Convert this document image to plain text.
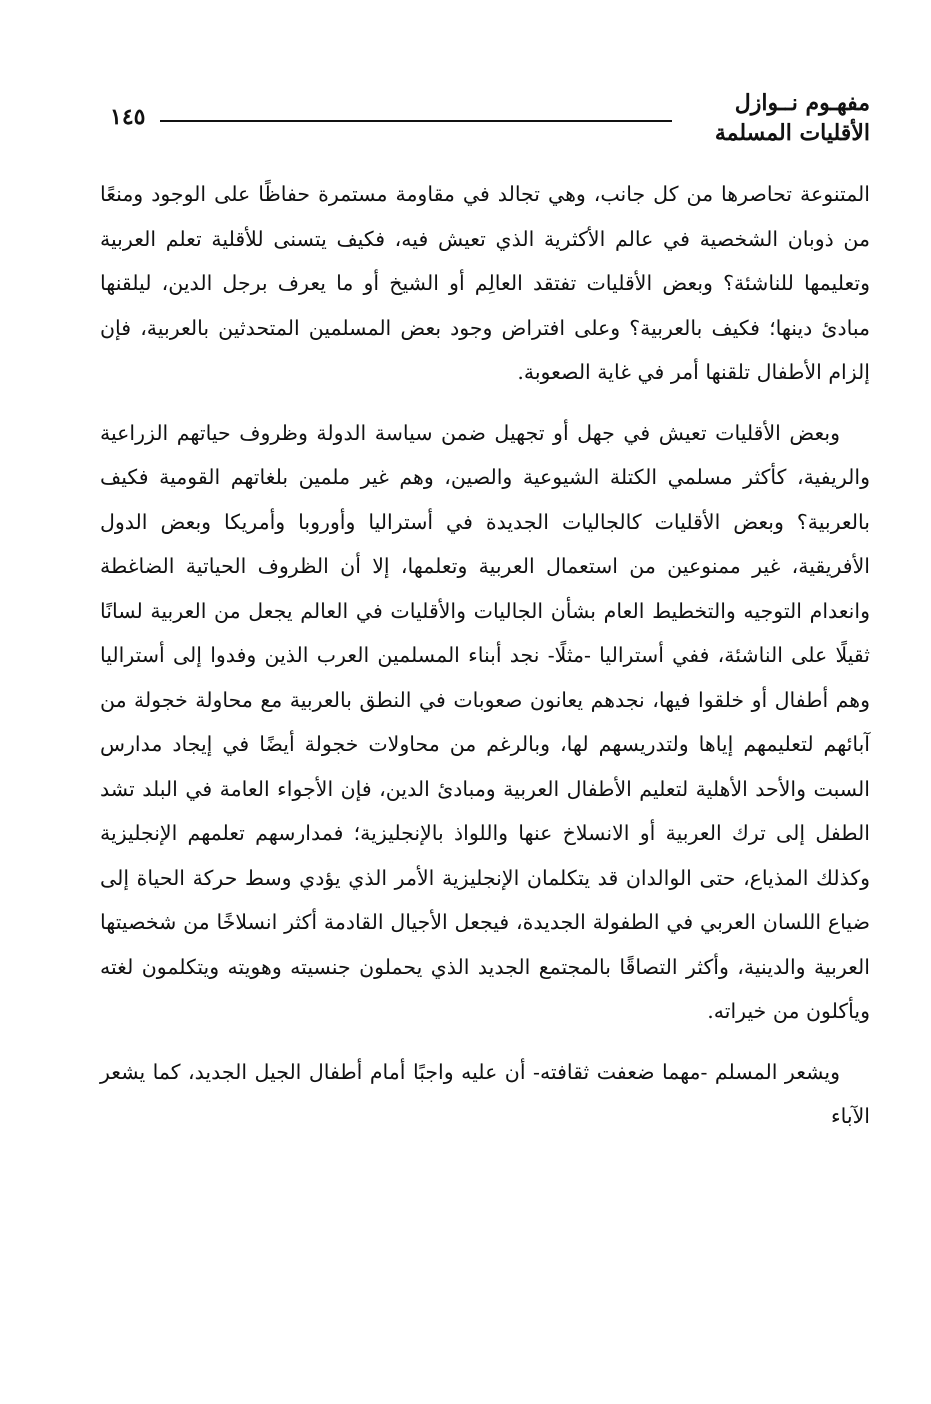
مفهـوم نــوازل
الأقليات المسلمة
١٤٥

المتنوعة تحاصرها من كل جانب، وهي تجالد في مقاومة مستمرة حفاظًا على الوجود ومنعًا من ذوبان الشخصية في عالم الأكثرية الذي تعيش فيه، فكيف يتسنى للأقلية تعلم العربية وتعليمها للناشئة؟ وبعض الأقليات تفتقد العالِم أو الشيخ أو ما يعرف برجل الدين، ليلقنها مبادئ دينها؛ فكيف بالعربية؟ وعلى افتراض وجود بعض المسلمين المتحدثين بالعربية، فإن إلزام الأطفال تلقنها أمر في غاية الصعوبة.

وبعض الأقليات تعيش في جهل أو تجهيل ضمن سياسة الدولة وظروف حياتهم الزراعية والريفية، كأكثر مسلمي الكتلة الشيوعية والصين، وهم غير ملمين بلغاتهم القومية فكيف بالعربية؟ وبعض الأقليات كالجاليات الجديدة في أستراليا وأوروبا وأمريكا وبعض الدول الأفريقية، غير ممنوعين من استعمال العربية وتعلمها، إلا أن الظروف الحياتية الضاغطة وانعدام التوجيه والتخطيط العام بشأن الجاليات والأقليات في العالم يجعل من العربية لسانًا ثقيلًا على الناشئة، ففي أستراليا -مثلًا- نجد أبناء المسلمين العرب الذين وفدوا إلى أستراليا وهم أطفال أو خلقوا فيها، نجدهم يعانون صعوبات في النطق بالعربية مع محاولة خجولة من آبائهم لتعليمهم إياها ولتدريسهم لها، وبالرغم من محاولات خجولة أيضًا في إيجاد مدارس السبت والأحد الأهلية لتعليم الأطفال العربية ومبادئ الدين، فإن الأجواء العامة في البلد تشد الطفل إلى ترك العربية أو الانسلاخ عنها واللواذ بالإنجليزية؛ فمدارسهم تعلمهم الإنجليزية وكذلك المذياع، حتى الوالدان قد يتكلمان الإنجليزية الأمر الذي يؤدي وسط حركة الحياة إلى ضياع اللسان العربي في الطفولة الجديدة، فيجعل الأجيال القادمة أكثر انسلاخًا من شخصيتها العربية والدينية، وأكثر التصاقًا بالمجتمع الجديد الذي يحملون جنسيته وهويته ويتكلمون لغته ويأكلون من خيراته.

ويشعر المسلم -مهما ضعفت ثقافته- أن عليه واجبًا أمام أطفال الجيل الجديد، كما يشعر الآباء
